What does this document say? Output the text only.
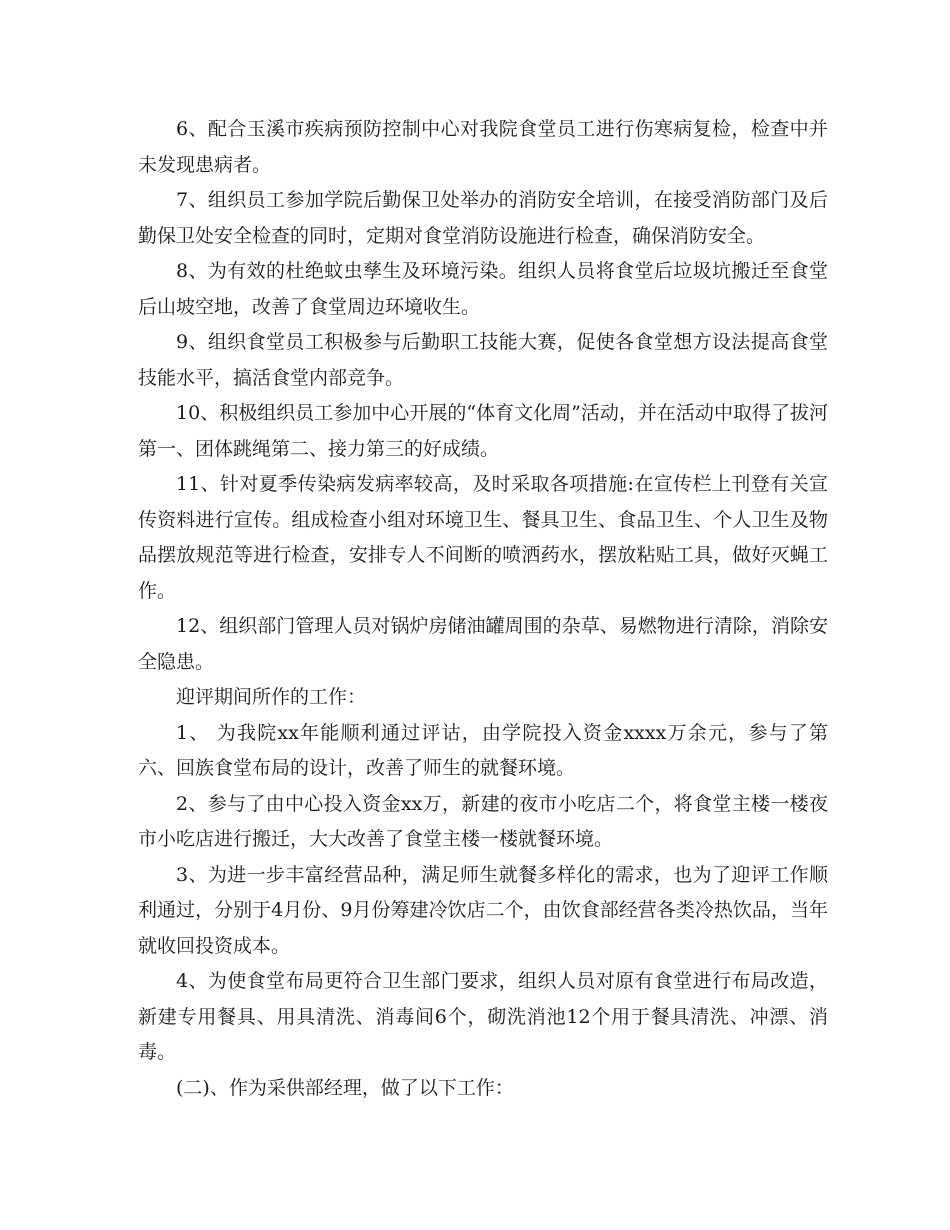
6、配合玉溪市疾病预防控制中心对我院食堂员工进行伤寒病复检，检查中并未发现患病者。

7、组织员工参加学院后勤保卫处举办的消防安全培训，在接受消防部门及后勤保卫处安全检查的同时，定期对食堂消防设施进行检查，确保消防安全。

8、为有效的杜绝蚊虫孳生及环境污染。组织人员将食堂后垃圾坑搬迁至食堂后山坡空地，改善了食堂周边环境收生。

9、组织食堂员工积极参与后勤职工技能大赛，促使各食堂想方设法提高食堂技能水平，搞活食堂内部竞争。

10、积极组织员工参加中心开展的“体育文化周”活动，并在活动中取得了拔河第一、团体跳绳第二、接力第三的好成绩。

11、针对夏季传染病发病率较高，及时采取各项措施:在宣传栏上刊登有关宣传资料进行宣传。组成检查小组对环境卫生、餐具卫生、食品卫生、个人卫生及物品摆放规范等进行检查，安排专人不间断的喷洒药水，摆放粘贴工具，做好灭蝇工作。

12、组织部门管理人员对锅炉房储油罐周围的杂草、易燃物进行清除，消除安全隐患。

迎评期间所作的工作：

1、 为我院xx年能顺利通过评诂，由学院投入资金xxxx万余元，参与了第六、回族食堂布局的设计，改善了师生的就餐环境。

2、参与了由中心投入资金xx万，新建的夜市小吃店二个，将食堂主楼一楼夜市小吃店进行搬迁，大大改善了食堂主楼一楼就餐环境。

3、为进一步丰富经营品种，满足师生就餐多样化的需求，也为了迎评工作顺利通过，分别于4月份、9月份筹建冷饮店二个，由饮食部经营各类冷热饮品，当年就收回投资成本。

4、为使食堂布局更符合卫生部门要求，组织人员对原有食堂进行布局改造，新建专用餐具、用具清洗、消毒间6个，砌洗消池12个用于餐具清洗、冲漂、消毒。

(二)、作为采供部经理，做了以下工作：
